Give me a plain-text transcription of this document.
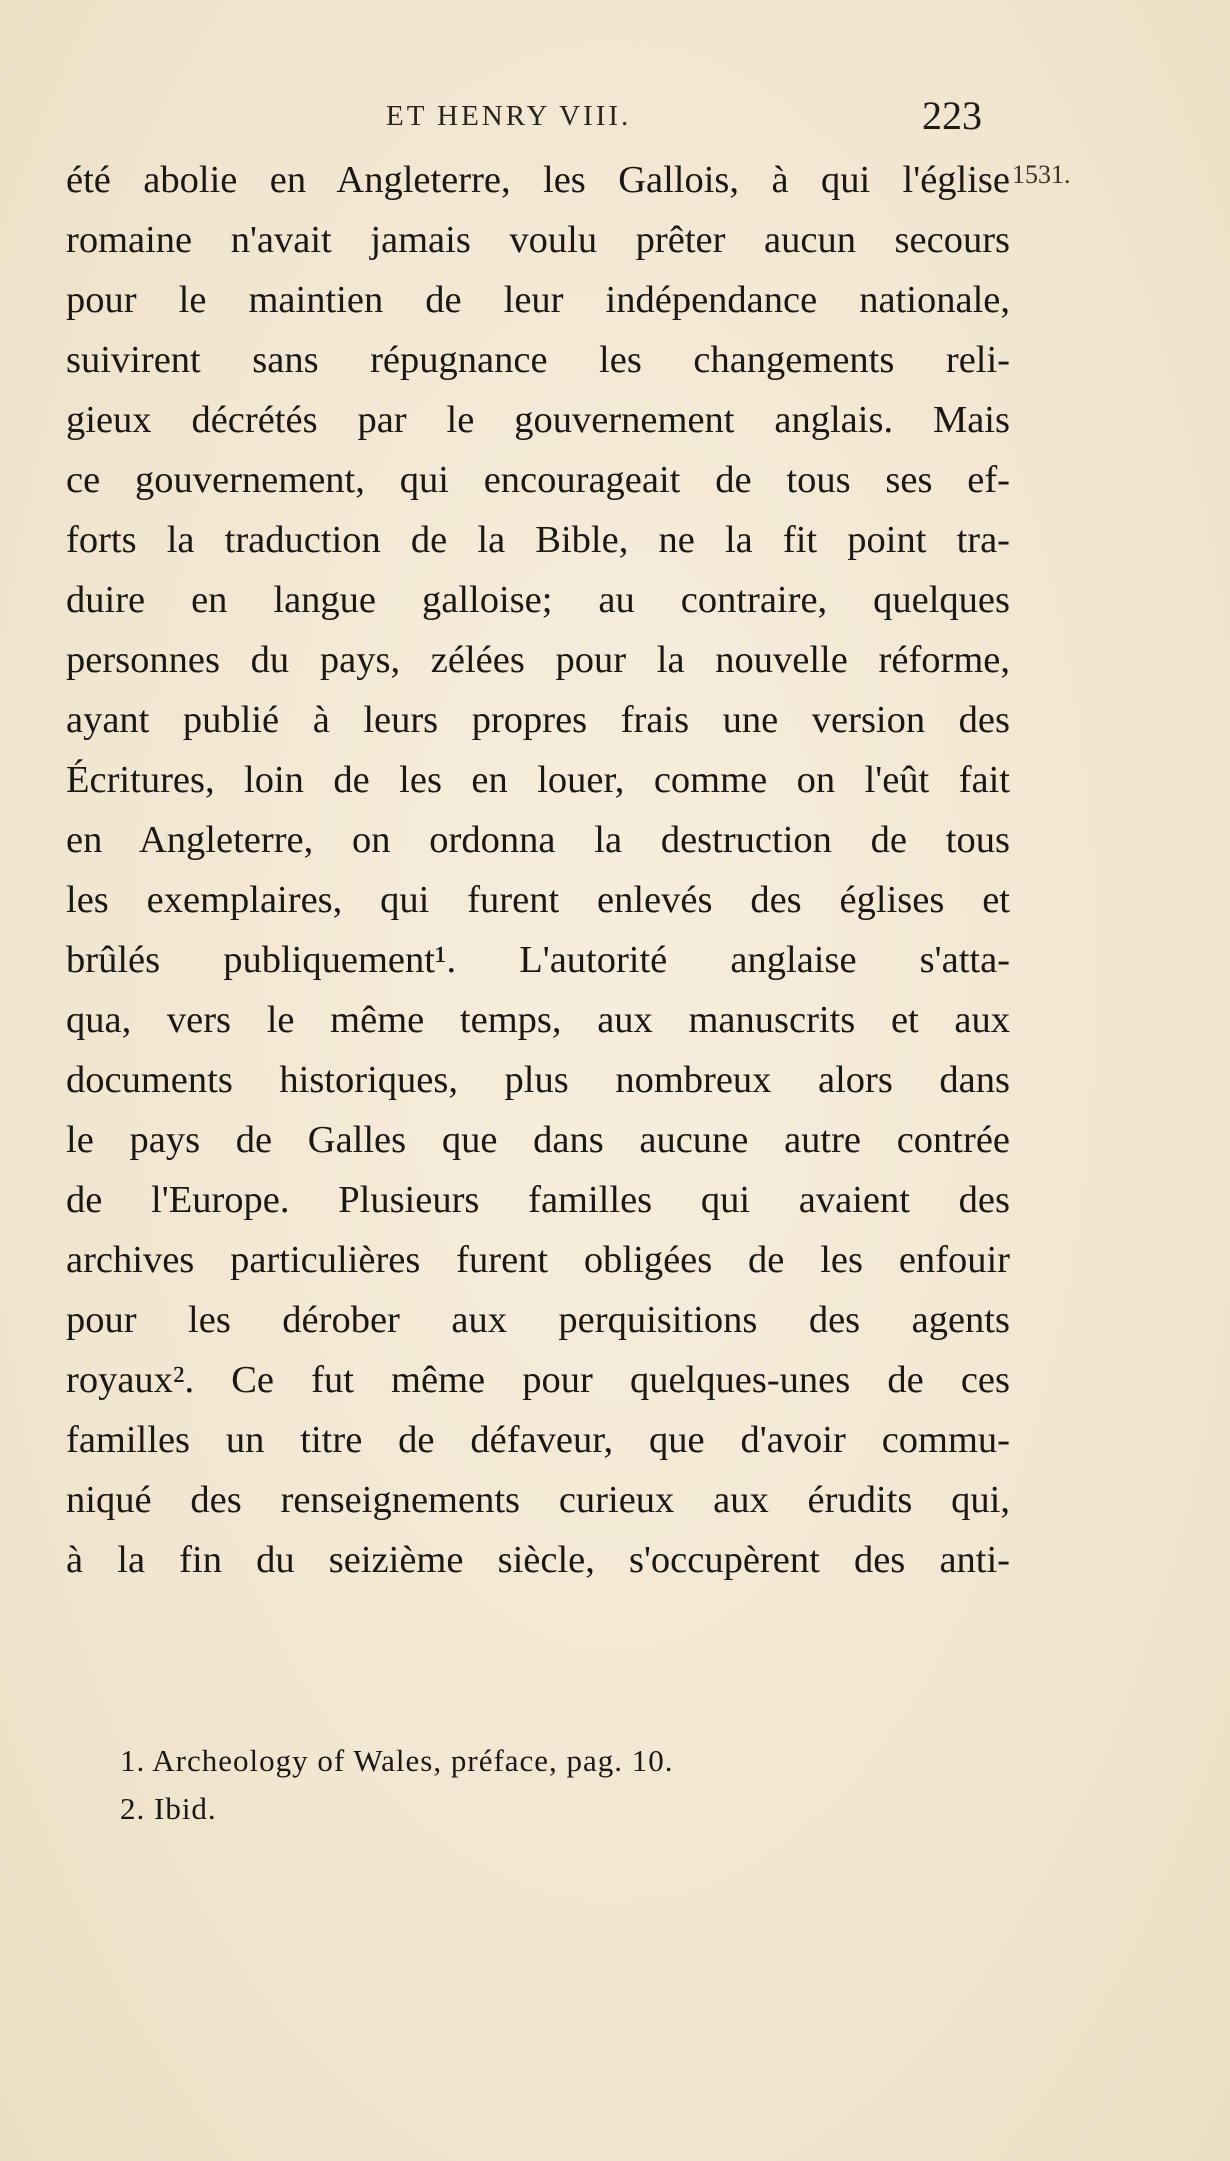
ET HENRY VIII.	223
1531.
été abolie en Angleterre, les Gallois, à qui l'église
romaine n'avait jamais voulu prêter aucun secours
pour le maintien de leur indépendance nationale,
suivirent sans répugnance les changements reli-
gieux décrétés par le gouvernement anglais. Mais
ce gouvernement, qui encourageait de tous ses ef-
forts la traduction de la Bible, ne la fit point tra-
duire en langue galloise; au contraire, quelques
personnes du pays, zélées pour la nouvelle réforme,
ayant publié à leurs propres frais une version des
Écritures, loin de les en louer, comme on l'eût fait
en Angleterre, on ordonna la destruction de tous
les exemplaires, qui furent enlevés des églises et
brûlés publiquement¹. L'autorité anglaise s'atta-
qua, vers le même temps, aux manuscrits et aux
documents historiques, plus nombreux alors dans
le pays de Galles que dans aucune autre contrée
de l'Europe. Plusieurs familles qui avaient des
archives particulières furent obligées de les enfouir
pour les dérober aux perquisitions des agents
royaux². Ce fut même pour quelques-unes de ces
familles un titre de défaveur, que d'avoir commu-
niqué des renseignements curieux aux érudits qui,
à la fin du seizième siècle, s'occupèrent des anti-
1. Archeology of Wales, préface, pag. 10.
2. Ibid.
